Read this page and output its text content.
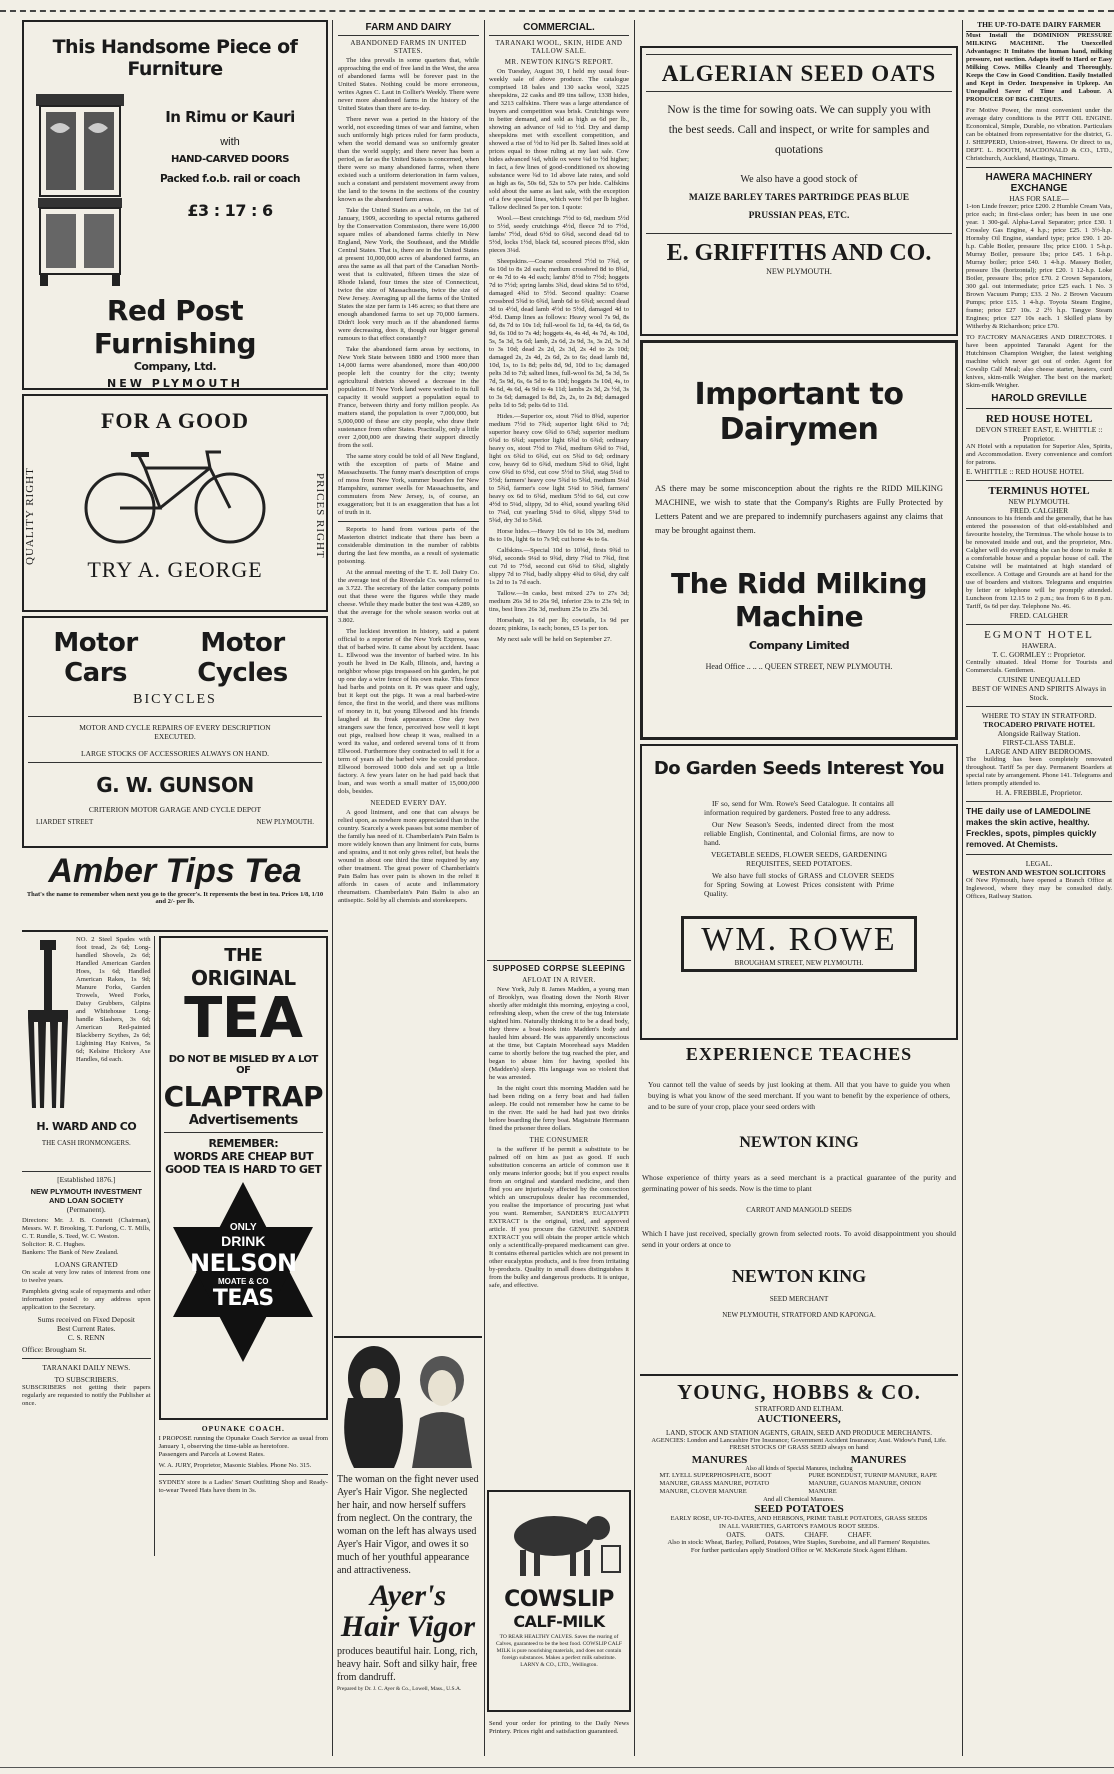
This Handsome Piece of
Furniture
In Rimu or Kauri
with
HAND-CARVED DOORS
Packed f.o.b. rail or coach
£3 : 17 : 6
Red Post Furnishing
Company, Ltd.
NEW PLYMOUTH
FOR A GOOD
QUALITY RIGHT	PRICES RIGHT
TRY A. GEORGE
Motor Cars
Motor Cycles
BICYCLES
MOTOR AND CYCLE REPAIRS OF EVERY DESCRIPTION
EXECUTED.
LARGE STOCKS OF ACCESSORIES ALWAYS ON HAND.
G. W. GUNSON
CRITERION MOTOR GARAGE AND CYCLE DEPOT
LIARDET STREET	NEW PLYMOUTH.
Amber Tips Tea
That's the name to remember when next you go to the grocer's. It represents the best in tea. Prices 1/8, 1/10 and 2/- per lb.
NO. 2 Steel Spades with foot tread, 2s 6d; Long-handled Shovels, 2s 6d; Handled American Garden Hoes, 1s 6d; Handled American Rakes, 1s 9d; Manure Forks, Garden Trowels, Weed Forks, Daisy Grubbers, Gilpins and Whitehouse Long-handle Slashers, 3s 6d; American Red-painted Blackberry Scythes, 2s 6d; Lightning Hay Knives, 5s 6d; Kelsine Hickory Axe Handles, 6d each.
H. WARD AND CO
THE CASH IRONMONGERS.
[Established 1876.]
NEW PLYMOUTH INVESTMENT AND LOAN SOCIETY
(Permanent).
Directors: Mr. J. B. Connett (Chairman), Messrs. W. F. Brooking, T. Furlong, C. T. Mills, C. T. Rundle, S. Teed, W. C. Weston.
Solicitor: R. C. Hughes.
Bankers: The Bank of New Zealand.
LOANS GRANTED
On scale at very low rates of interest from one to twelve years.
Pamphlets giving scale of repayments and other information posted to any address upon application to the Secretary.
Sums received on Fixed Deposit
Best Current Rates.
C. S. RENN
Office: Brougham St.
TARANAKI DAILY NEWS.
TO SUBSCRIBERS.
SUBSCRIBERS not getting their papers regularly are requested to notify the Publisher at once.
THE
ORIGINAL
TEA
DO NOT BE MISLED BY A LOT OF
CLAPTRAP
Advertisements
REMEMBER:
WORDS ARE CHEAP BUT GOOD TEA IS HARD TO GET
ONLY
DRINK
NELSON
MOATE & CO
TEAS
OPUNAKE COACH.
I PROPOSE running the Opunake Coach Service as usual from January 1, observing the time-table as heretofore.
Passengers and Parcels at Lowest Rates.
W. A. JURY, Proprietor, Masonic Stables. Phone No. 315.
SYDNEY store is a Ladies' Smart Outfitting Shop and Ready-to-wear Tweed Hats have them in 3s.
FARM AND DAIRY
ABANDONED FARMS IN UNITED STATES.

The idea prevails in some quarters that, while approaching the end of free land in the West, the area of abandoned farms will be forever past in the United States. Nothing could be more erroneous, writes Agnes C. Laut in Collier's Weekly. There were never more abandoned farms in the history of the United States than there are to-day.

There never was a period in the history of the world, not exceeding times of war and famine, when such uniformly high prices ruled for farm products, when the world demand was so uniformly greater than the world supply; and there never has been a period, as far as the United States is concerned, when there were so many abandoned farms, when there existed such a uniform deterioration in farm values, such a constant and persistent movement away from the land to the towns in the sections of the country known as the abandoned farm areas.

Take the United States as a whole, on the 1st of January, 1909, according to special returns gathered by the Conservation Commission, there were 16,000 square miles of abandoned farms chiefly in New England, New York, the Southeast, and the Middle Central States. That is, there are in the United States at present 10,000,000 acres of abandoned farms, an area the same as all that part of the Canadian North-west that is cultivated, fifteen times the size of Rhode Island, four times the size of Connecticut, twice the size of Massachusetts, twice the size of New Jersey. Averaging up all the farms of the United States the size per farm is 146 acres; so that there are enough abandoned farms to set up 70,000 farmers. Didn't look very much as if the abandoned farms were decreasing, does it, though our bigger general rumours to that effect constantly?

Take the abandoned farm areas by sections, in New York State between 1880 and 1900 more than 14,000 farms were abandoned, more than 400,000 people left the country for the city; twenty agricultural districts showed a decrease in the population. If New York land were worked to its full capacity it would support a population equal to France, between thirty and forty million people. As matters stand, the population is over 7,000,000, but 5,000,000 of these are city people, who draw their sustenance from other States. Practically, only a little over 2,000,000 are drawing their support directly from the soil.

The same story could be told of all New England, with the exception of parts of Maine and Massachusetts. The funny man's description of crops of moss from New York, summer boarders for New Hampshire, summer swells for Massachusetts, and commuters from New Jersey, is, of course, an exaggeration; but it is an exaggeration that has a lot of truth in it.

Reports to hand from various parts of the Masterton district indicate that there has been a considerable diminution in the number of rabbits during the last few months, as a result of systematic poisoning.

At the annual meeting of the T. E. Joll Dairy Co. the average test of the Riverdale Co. was referred to as 3.722. The secretary of the latter company points out that these were the figures while they made cheese. While they made butter the test was 4.289, so that the average for the whole season works out at 3.802.

The luckiest invention in history, said a patent official to a reporter of the New York Express, was that of barbed wire. It came about by accident. Isaac L. Ellwood was the inventor of barbed wire. In his youth he lived in De Kalb, Illinois, and, having a neighbor whose pigs trespassed on his garden, he put up one day a wire fence of his own make. This fence had barbs and points on it. Pr was queer and ugly, but it kept out the pigs. It was a real barbed-wire fence, the first in the world, and there was millions of money in it, but young Ellwood and his friends laughed at its freak appearance. One day two strangers saw the fence, perceived how well it kept out pigs, realised how cheap it was, realised in a word its value, and ordered several tons of it from Ellwood. Furthermore they contracted to sell it for a term of years all the barbed wire he could produce. Ellwood borrowed 1000 dols and set up a little factory. A few years later on he had paid back that loan, and was worth a small matter of 15,000,000 dols, besides.

NEEDED EVERY DAY.

A good liniment, and one that can always be relied upon, as nowhere more appreciated than in the country. Scarcely a week passes but some member of the family has need of it. Chamberlain's Pain Balm is more widely known than any liniment for cuts, burns and sprains, and it not only gives relief, but heals the wound in about one third the time required by any other treatment. The great power of Chamberlain's Pain Balm has over pain is shown in the relief it affords in cases of acute and inflammatory rheumatism. Chamberlain's Pain Balm is also an antiseptic. Sold by all chemists and storekeepers.

COMMERCIAL.
TARANAKI WOOL, SKIN, HIDE AND TALLOW SALE.
MR. NEWTON KING'S REPORT.

On Tuesday, August 30, I held my usual four-weekly sale of above produce. The catalogue comprised 18 bales and 130 sacks wool, 3225 sheepskins, 22 casks and 89 tins tallow, 1338 hides, and 3213 calfskins. There was a large attendance of buyers and competition was brisk. Crutchings were in better demand, and sold as high as 6d per lb., showing an advance of ¼d to ½d. Dry and damp sheepskins met with excellent competition, and showed a rise of ½d to ¾d per lb. Salted lines sold at prices equal to those ruling at my last sale. Cow hides advanced ¼d, while ox were ¼d to ½d higher; in fact, a few lines of good-conditioned ox showing substance were ¾d to 1d above late rates, and sold as high as 6s, 50s 6d, 52s to 57s per hide. Calfskins sold about the same as last sale, with the exception of a few special lines, which were ½d per lb higher. Tallow declined 5s per ton. I quote:

Wool.—Best crutchings 7½d to 6d, medium 5½d to 5½d, seedy crutchings 4½d, fleece 7d to 7½d, lambs' 7½d, dead 6½d to 6¾d, second dead 6d to 5½d, locks 1½d, black 6d, scoured pieces 8½d, skin pieces 3¼d.

Sheepskins.—Coarse crossbred 7½d to 7¾d, or 6s 10d to 8s 2d each; medium crossbred 8d to 8¾d, or 4s 7d to 4s 4d each; lambs' 8½d to 7½d; hoggets 7d to 7½d; spring lambs 3¾d, dead skins 5d to 6½d, damaged 4¾d to 5½d. Second quality: Coarse crossbred 5¾d to 6¾d, lamb 6d to 6¾d; second dead 3d to 4½d, dead lamb 4½d to 5½d, damaged 4d to 4½d. Damp lines as follows: Heavy wool 7s 9d, 8s 6d, 8s 7d to 10s 1d; full-wool 6s 1d, 6s 4d, 6s 6d, 6s 9d, 6s 10d to 7s 4d; hoggets 4s, 4s 4d, 4s 7d, 4s 10d, 5s, 5s 3d, 5s 6d; lamb, 2s 6d, 2s 9d, 3s, 3s 2d, 3s 3d to 3s 10d; dead 2s 2d, 2s 3d, 2s 4d to 2s 10d; damaged 2s, 2s 4d, 2s 6d, 2s to 6s; dead lamb 8d, 10d, 1s, to 1s 8d; pelts 8d, 9d, 10d to 1s; damaged pelts 3d to 7d; salted lines, full-wool 6s 3d, 5s 3d, 5s 7d, 5s 9d, 6s, 6s 5d to 6s 10d; hoggets 3s 10d, 4s, to 4s 6d, 4s 6d, 4s 9d to 4s 11d; lambs 2s 3d, 2s ½d, 3s to 3s 6d; damaged 1s 8d, 2s, 2s, to 2s 8d; damaged pelts 1d to 5d; pelts 6d to 11d.

Hides.—Superior ox, stout 7¾d to 8¾d, superior medium 7½d to 7¾d; superior light 6¾d to 7d; superior heavy cow 6¾d to 6⅞d; superior medium 6¾d to 6¾d; superior light 6¾d to 6¾d; ordinary heavy ox, stout 7½d to 7¾d, medium 6¾d to 7¼d, light ox 6¾d to 6¾d, cut ox 5¾d to 6d; ordinary cow, heavy 6d to 6¾d, medium 5¾d to 6¾d, light cow 6¾d to 6½d, cut cow 5½d to 5¾d, stag 5¼d to 5½d; farmers' heavy cow 5¾d to 5¾d, medium 5¼d to 5¾d, farmer's cow light 5¼d to 5¾d, farmers' heavy ox 6d to 6¾d, medium 5½d to 6d, cut cow 4½d to 5¼d, slippy, 3d to 4¾d, sound yearling 6¾d to 7¼d, cut yearling 5¼d to 6¾d, slippy 5¼d to 5¾d, dry 3d to 5¾d.

Horse hides.—Heavy 10s 6d to 10s 3d, medium 8s to 10s, light 6s to 7s 9d; cut horse 4s to 6s.

Calfskins.—Special 10d to 10¾d, firsts 9¾d to 9¾d, seconds 9¼d to 9¾d, dirty 7¾d to 7¾d, first cut 7d to 7½d, second cut 6¾d to 6¾d, slightly slippy 7d to 7¾d, badly slippy 4¾d to 6¾d, dry calf 1s 2d to 1s 7d each.

Tallow.—In casks, best mixed 27s to 27s 3d; medium 26s 3d to 26s 9d, inferior 23s to 23s 9d; in tins, best lines 26s 3d, medium 25s to 25s 3d.

Horsehair, 1s 6d per lb; cowtails, 1s 9d per dozen; pinkins, 1s each; bones, £5 1s per ton.

My next sale will be held on September 27.

The woman on the fight never used Ayer's Hair Vigor. She neglected her hair, and now herself suffers from neglect. On the contrary, the woman on the left has always used Ayer's Hair Vigor, and owes it so much of her youthful appearance and attractiveness.
Ayer's
Hair Vigor
produces beautiful hair. Long, rich, heavy hair. Soft and silky hair, free from dandruff.
Prepared by Dr. J. C. Ayer & Co., Lowell, Mass., U.S.A.
SUPPOSED CORPSE SLEEPING
AFLOAT IN A RIVER.

New York, July 8. James Madden, a young man of Brooklyn, was floating down the North River shortly after midnight this morning, enjoying a cool, refreshing sleep, when the crew of the tug Interstate sighted him. Naturally thinking it to be a dead body, they threw a boat-hook into Madden's body and hauled him aboard. He was apparently unconscious at the time, but Captain Moorehead says Madden came to shortly before the tug reached the pier, and began to abuse him for having spoiled his (Madden's) sleep. His language was so violent that he was arrested.

In the night court this morning Madden said he had been riding on a ferry boat and had fallen asleep. He could not remember how he came to be in the river. He said he had had just two drinks before boarding the ferry boat. Magistrate Herrmann fined the prisoner three dollars.

THE CONSUMER

is the sufferer if he permit a substitute to be palmed off on him as just as good. If such substitution concerns an article of common use it only means inferior goods; but if you expect results from an original and standard medicine, and then find you are injuriously affected by the concoction which an unscrupulous dealer has recommended, you realise the importance of procuring just what you want. Remember, SANDER'S EUCALYPTI EXTRACT is the original, tried, and approved article. If you procure the GENUINE SANDER EXTRACT you will obtain the proper article which only a scientifically-prepared medicament can give. It contains ethereal particles which are not present in other eucalyptus products, and is free from irritating by-products. Quality in small doses distinguishes it from the bulky and dangerous products. It is unique, safe, and effective.

COWSLIP
CALF-MILK
TO REAR HEALTHY CALVES. Saves the rearing of Calves, guaranteed to be the best food. COWSLIP CALF MILK is pure nourishing materials, and does not contain foreign substances. Makes a perfect milk substitute. LARNY & CO., LTD., Wellington.
Send your order for printing to the Daily News Printery. Prices right and satisfaction guaranteed.
ALGERIAN SEED OATS
Now is the time for sowing oats. We can supply you with the best seeds. Call and inspect, or write for samples and quotations
We also have a good stock of
MAIZE BARLEY TARES PARTRIDGE PEAS BLUE PRUSSIAN PEAS, ETC.
E. GRIFFITHS AND CO.
NEW PLYMOUTH.
Important to Dairymen
AS there may be some misconception about the rights re the RIDD MILKING MACHINE, we wish to state that the Company's Rights are Fully Protected by Letters Patent and we are prepared to indemnify purchasers against any claims that may be brought against them.
The Ridd Milking Machine
Company Limited
Head Office .. .. .. QUEEN STREET, NEW PLYMOUTH.
Do Garden Seeds Interest You

IF so, send for Wm. Rowe's Seed Catalogue. It contains all information required by gardeners. Posted free to any address.

Our New Season's Seeds, indented direct from the most reliable English, Continental, and Colonial firms, are now to hand.

VEGETABLE SEEDS, FLOWER SEEDS, GARDENING REQUISITES, SEED POTATOES.

We also have full stocks of GRASS and CLOVER SEEDS for Spring Sowing at Lowest Prices consistent with Prime Quality.

WM. ROWE
BROUGHAM STREET, NEW PLYMOUTH.
EXPERIENCE TEACHES
You cannot tell the value of seeds by just looking at them. All that you have to guide you when buying is what you know of the seed merchant. If you want to benefit by the experience of others, and to be sure of your crop, place your seed orders with
NEWTON KING
Whose experience of thirty years as a seed merchant is a practical guarantee of the purity and germinating power of his seeds. Now is the time to plant
CARROT AND MANGOLD SEEDS
Which I have just received, specially grown from selected roots. To avoid disappointment you should send in your orders at once to
NEWTON KING
SEED MERCHANT
NEW PLYMOUTH, STRATFORD AND KAPONGA.
YOUNG, HOBBS & CO.
STRATFORD AND ELTHAM.
AUCTIONEERS,
LAND, STOCK AND STATION AGENTS, GRAIN, SEED AND PRODUCE MERCHANTS.
AGENCIES: London and Lancashire Fire Insurance; Government Accident Insurance; Aust. Widow's Fund, Life.
FRESH STOCKS OF GRASS SEED always on hand
MANURES	MANURES
Also all kinds of Special Manures, including
MT. LYELL SUPERPHOSPHATE, BOOT MANURE, GRASS MANURE, POTATO MANURE, CLOVER MANURE
PURE BONEDUST, TURNIP MANURE, RAPE MANURE, GUANOS MANURE, ONION MANURE
And all Chemical Manures.
SEED POTATOES
EARLY ROSE, UP-TO-DATES, AND HERBONS, PRIME TABLE POTATOES, GRASS SEEDS IN ALL VARIETIES, GARTON'S FAMOUS ROOT SEEDS.
OATS. OATS. CHAFF. CHAFF.
Also in stock: Wheat, Barley, Pollard, Potatoes, Wire Staples, Sureboine, and all Farmers' Requisites.
For further particulars apply Stratford Office or W. McKenzie Stock Agent Eltham.
THE UP-TO-DATE DAIRY FARMER
Must Install the DOMINION PRESSURE MILKING MACHINE. The Unexcelled Advantages: It Imitates the human hand, milking pressure, not suction. Adapts itself to Hard or Easy Milking Cows. Milks Cleanly and Thoroughly. Keeps the Cow in Good Condition. Easily Installed and Kept in Order. Inexpensive in Upkeep. An Unequalled Saver of Time and Labour. A PRODUCER OF BIG CHEQUES.
For Motive Power, the most convenient under the average dairy conditions is the PITT OIL ENGINE. Economical, Simple, Durable, no vibration. Particulars can be obtained from representative for the district, G. J. SHEPPERD, Union-street, Hawera. Or direct to us, DEPT. L. BOOTH, MACDONALD & CO., LTD., Christchurch, Auckland, Hastings, Timaru.
HAWERA MACHINERY EXCHANGE
HAS FOR SALE—
1-ton Linde freezer; price £200. 2 Humble Cream Vats, price each; in first-class order; has been in use one year. 1 300-gal. Alpha-Laval Separator; price £30. 1 Crossley Gas Engine, 4 h.p.; price £25. 1 3½-h.p. Hornsby Oil Engine, standard type; price £90. 1 20-h.p. Cable Boiler, pressure 1bs; price £100. 1 5-h.p. Murray Boiler, pressure 1bs; price £45. 1 6-h.p. Murray boiler; price £40. 1 4-h.p. Massey Boiler, pressure 1bs (horizontal); price £20. 1 12-h.p. Loke Boiler, pressure 1bs; price £70. 2 Crown Separators, 300 gal. out intermediate; price £25 each. 1 No. 3 Brown Vacuum Pump; £33. 2 No. 2 Brown Vacuum Pumps; price £15. 1 4-h.p. Toyota Steam Engine, frame; price £27 10s. 2 2½ h.p. Tangye Steam Engines; price £27 10s each. 1 Skilled plans by Witherby & Richardson; price £70.
TO FACTORY MANAGERS AND DIRECTORS. I have been appointed Taranaki Agent for the Hutchinson Champion Weigher, the latest weighing machine which never get out of order. Agent for Cowslip Calf Meal; also cheese starter, heaters, curd knives, skim-milk Weigher. The best on the market; Skim-milk Weigher.
HAROLD GREVILLE
RED HOUSE HOTEL
DEVON STREET EAST, E. WHITTLE :: Proprietor.
AN Hotel with a reputation for Superior Ales, Spirits, and Accommodation. Every convenience and comfort for patrons.
E. WHITTLE :: RED HOUSE HOTEL
TERMINUS HOTEL
NEW PLYMOUTH.
FRED. CALGHER
Announces to his friends and the generally, that he has entered the possession of that old-established and favourite hostelry, the Terminus. The whole house is to be renovated inside and out, and the proprietor, Mrs. Calgher will do everything she can be done to make it a comfortable house and a popular house of call. The Cuisine will be maintained at high standard of excellence. A Cottage and Grounds are at hand for the use of boarders and visitors. Telegrams and enquiries by letter or telephone will be promptly attended. Luncheon from 12.15 to 2 p.m.; tea from 6 to 8 p.m. Tariff, 6s 6d per day. Telephone No. 46.
FRED. CALGHER
EGMONT HOTEL
HAWERA.
T. C. GORMLEY :: Proprietor.
Centrally situated. Ideal Home for Tourists and Commercials. Gentlemen.
CUISINE UNEQUALLED
BEST OF WINES AND SPIRITS Always in Stock.
WHERE TO STAY IN STRATFORD.
TROCADERO PRIVATE HOTEL
Alongside Railway Station.
FIRST-CLASS TABLE.
LARGE AND AIRY BEDROOMS.
The building has been completely renovated throughout. Tariff 5s per day. Permanent Boarders at special rate by arrangement. Phone 141. Telegrams and letters promptly attended to.
H. A. FREBBLE, Proprietor.
THE daily use of LAMEDOLINE makes the skin active, healthy. Freckles, spots, pimples quickly removed. At Chemists.
LEGAL.
WESTON AND WESTON SOLICITORS
Of New Plymouth, have opened a Branch Office at Inglewood, where they may be consulted daily. Offices, Railway Station.
